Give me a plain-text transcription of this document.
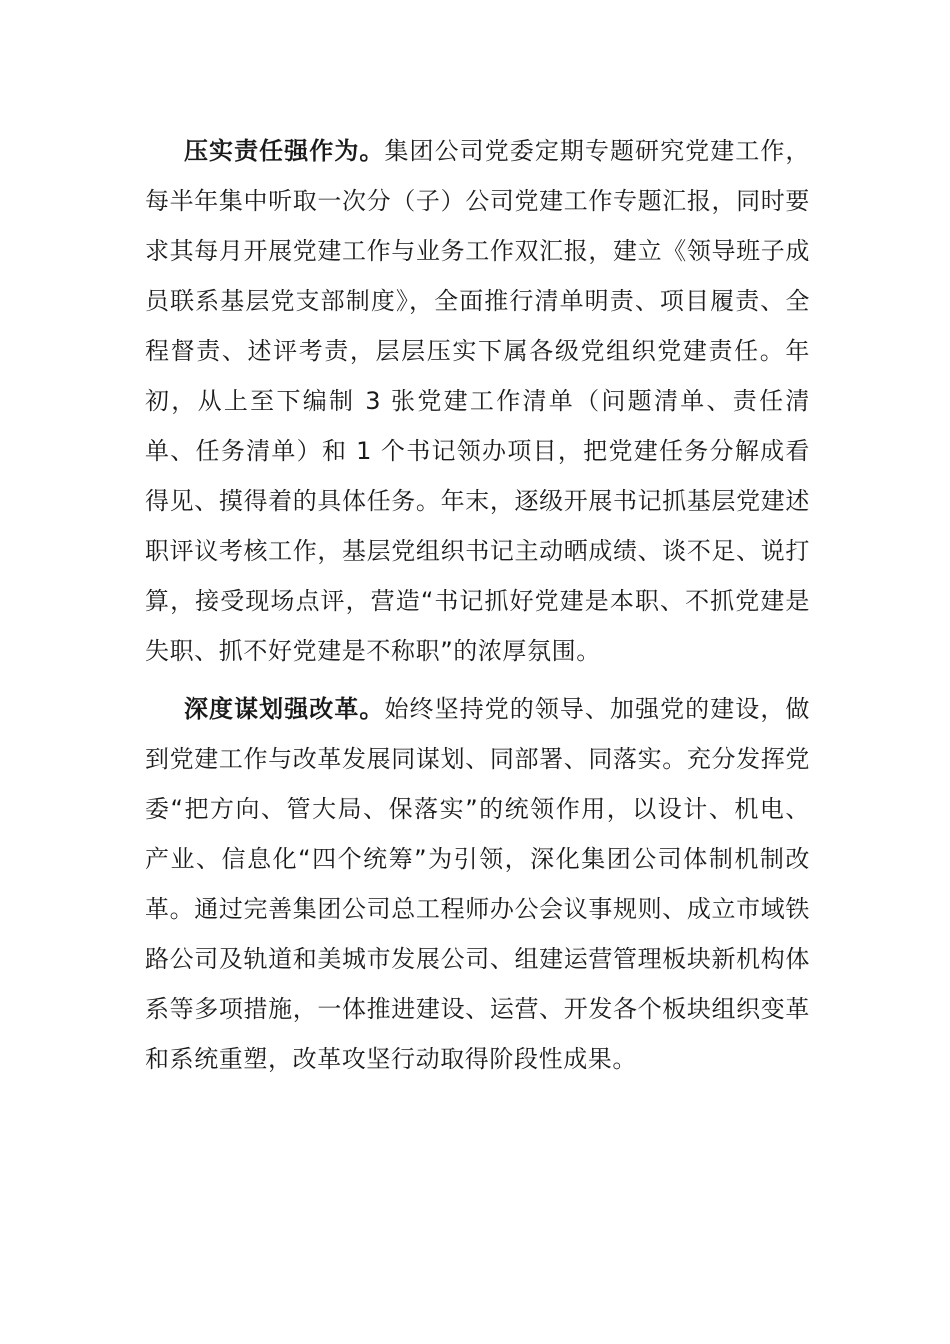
压实责任强作为。集团公司党委定期专题研究党建工作，每半年集中听取一次分（子）公司党建工作专题汇报，同时要求其每月开展党建工作与业务工作双汇报，建立《领导班子成员联系基层党支部制度》，全面推行清单明责、项目履责、全程督责、述评考责，层层压实下属各级党组织党建责任。年初，从上至下编制 3 张党建工作清单（问题清单、责任清单、任务清单）和 1 个书记领办项目，把党建任务分解成看得见、摸得着的具体任务。年末，逐级开展书记抓基层党建述职评议考核工作，基层党组织书记主动晒成绩、谈不足、说打算，接受现场点评，营造“书记抓好党建是本职、不抓党建是失职、抓不好党建是不称职”的浓厚氛围。

深度谋划强改革。始终坚持党的领导、加强党的建设，做到党建工作与改革发展同谋划、同部署、同落实。充分发挥党委“把方向、管大局、保落实”的统领作用，以设计、机电、产业、信息化“四个统筹”为引领，深化集团公司体制机制改革。通过完善集团公司总工程师办公会议事规则、成立市域铁路公司及轨道和美城市发展公司、组建运营管理板块新机构体系等多项措施，一体推进建设、运营、开发各个板块组织变革和系统重塑，改革攻坚行动取得阶段性成果。
